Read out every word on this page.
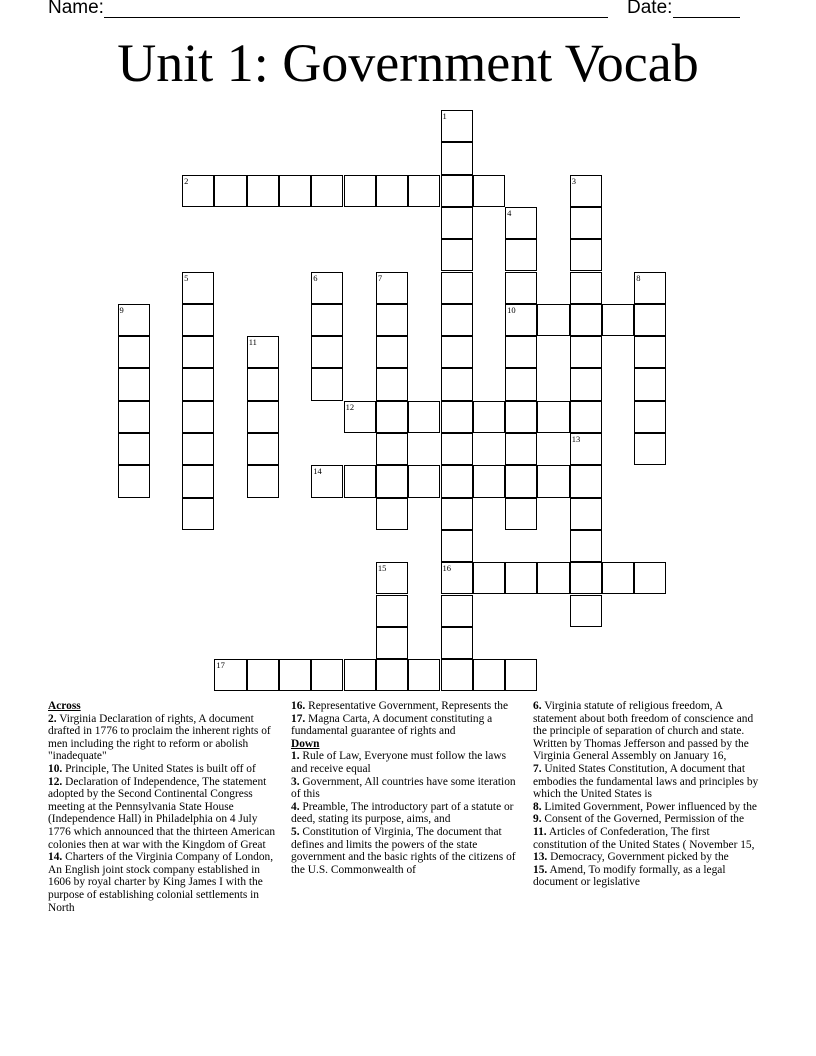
Name:	Date:
Unit 1: Government Vocab
1
16
2	3
13
4
10
5	6	7	8
9
11
12
14
15
17
Across
2. Virginia Declaration of rights, A document drafted in 1776 to proclaim the inherent rights of men including the right to reform or abolish "inadequate"
10. Principle, The United States is built off of
12. Declaration of Independence, The statement adopted by the Second Continental Congress meeting at the Pennsylvania State House (Independence Hall) in Philadelphia on 4 July 1776 which announced that the thirteen American colonies then at war with the Kingdom of Great
14. Charters of the Virginia Company of London, An English joint stock company established in 1606 by royal charter by King James I with the purpose of establishing colonial settlements in North
16. Representative Government, Represents the
17. Magna Carta, A document constituting a fundamental guarantee of rights and
Down
1. Rule of Law, Everyone must follow the laws and receive equal
3. Government, All countries have some iteration of this
4. Preamble, The introductory part of a statute or deed, stating its purpose, aims, and
5. Constitution of Virginia, The document that defines and limits the powers of the state government and the basic rights of the citizens of the U.S. Commonwealth of
6. Virginia statute of religious freedom, A statement about both freedom of conscience and the principle of separation of church and state. Written by Thomas Jefferson and passed by the Virginia General Assembly on January 16,
7. United States Constitution, A document that embodies the fundamental laws and principles by which the United States is
8. Limited Government, Power influenced by the
9. Consent of the Governed, Permission of the
11. Articles of Confederation, The first constitution of the United States ( November 15,
13. Democracy, Government picked by the
15. Amend, To modify formally, as a legal document or legislative
